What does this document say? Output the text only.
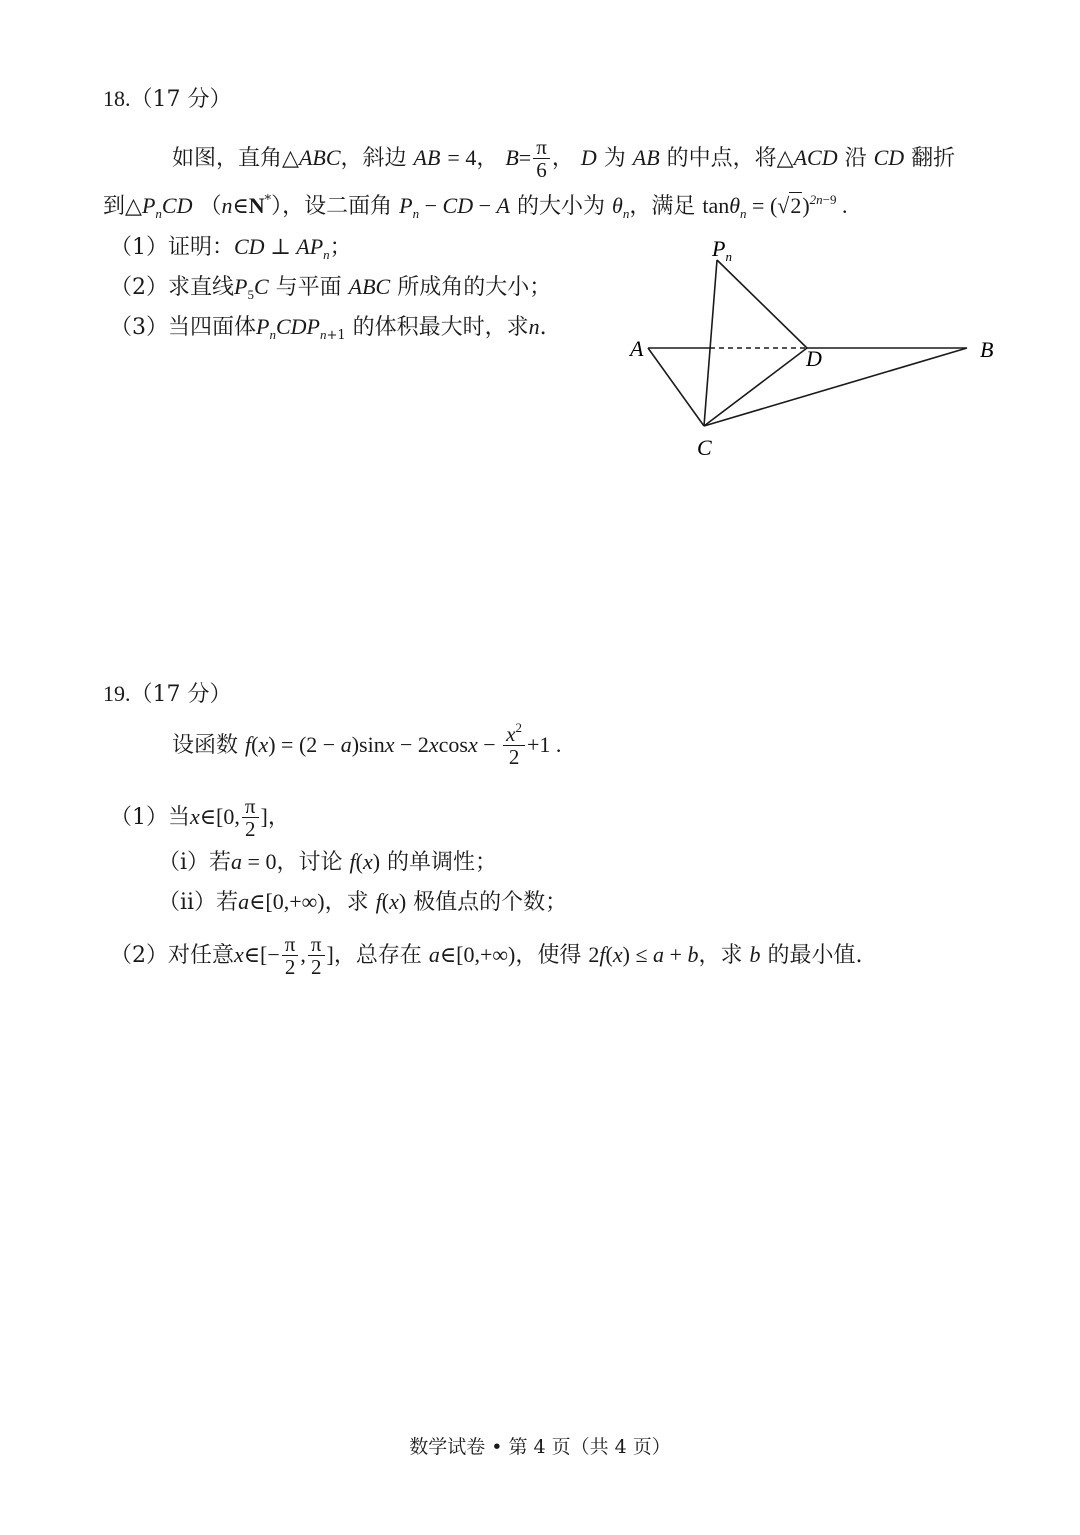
18.（17 分）
如图，直角△ABC，斜边 AB = 4， $B= \frac{\pi}{6}$ ， D 为 AB 的中点，将△ACD 沿 CD 翻折
到$\triangle P_nCD$ （n∈N*），设二面角 $P_n$ − CD − A 的大小为 $\theta_n$，满足 $\tan\theta_n = (√2)^{2n-9}$ .
（1）证明：CD ⊥ $AP_n$；
（2）求直线$P_5C$ 与平面 ABC 所成角的大小；
（3）当四面体$P_nCDP_{n+1}$ 的体积最大时，求n.
$P_n$
A	D	B
C
19.（17 分）
设函数 $f(x) = (2 - a)\sin x - 2xcosx - \frac{x^2}{2} +1$ .
（1）当x∈[0, $\frac{\pi}{2}$ ]，
（i）若a = 0，讨论 f(x) 的单调性；
（ii）若a∈[0,+∞)，求 f(x) 极值点的个数；
（2）对任意x∈[− $\frac{\pi}{2}$ , $\frac{\pi}{2}$ ]，总存在 a∈[0,+∞)，使得 2f(x) ≤ a + b，求 b 的最小值.
数学试卷 • 第 4 页（共 4 页）
